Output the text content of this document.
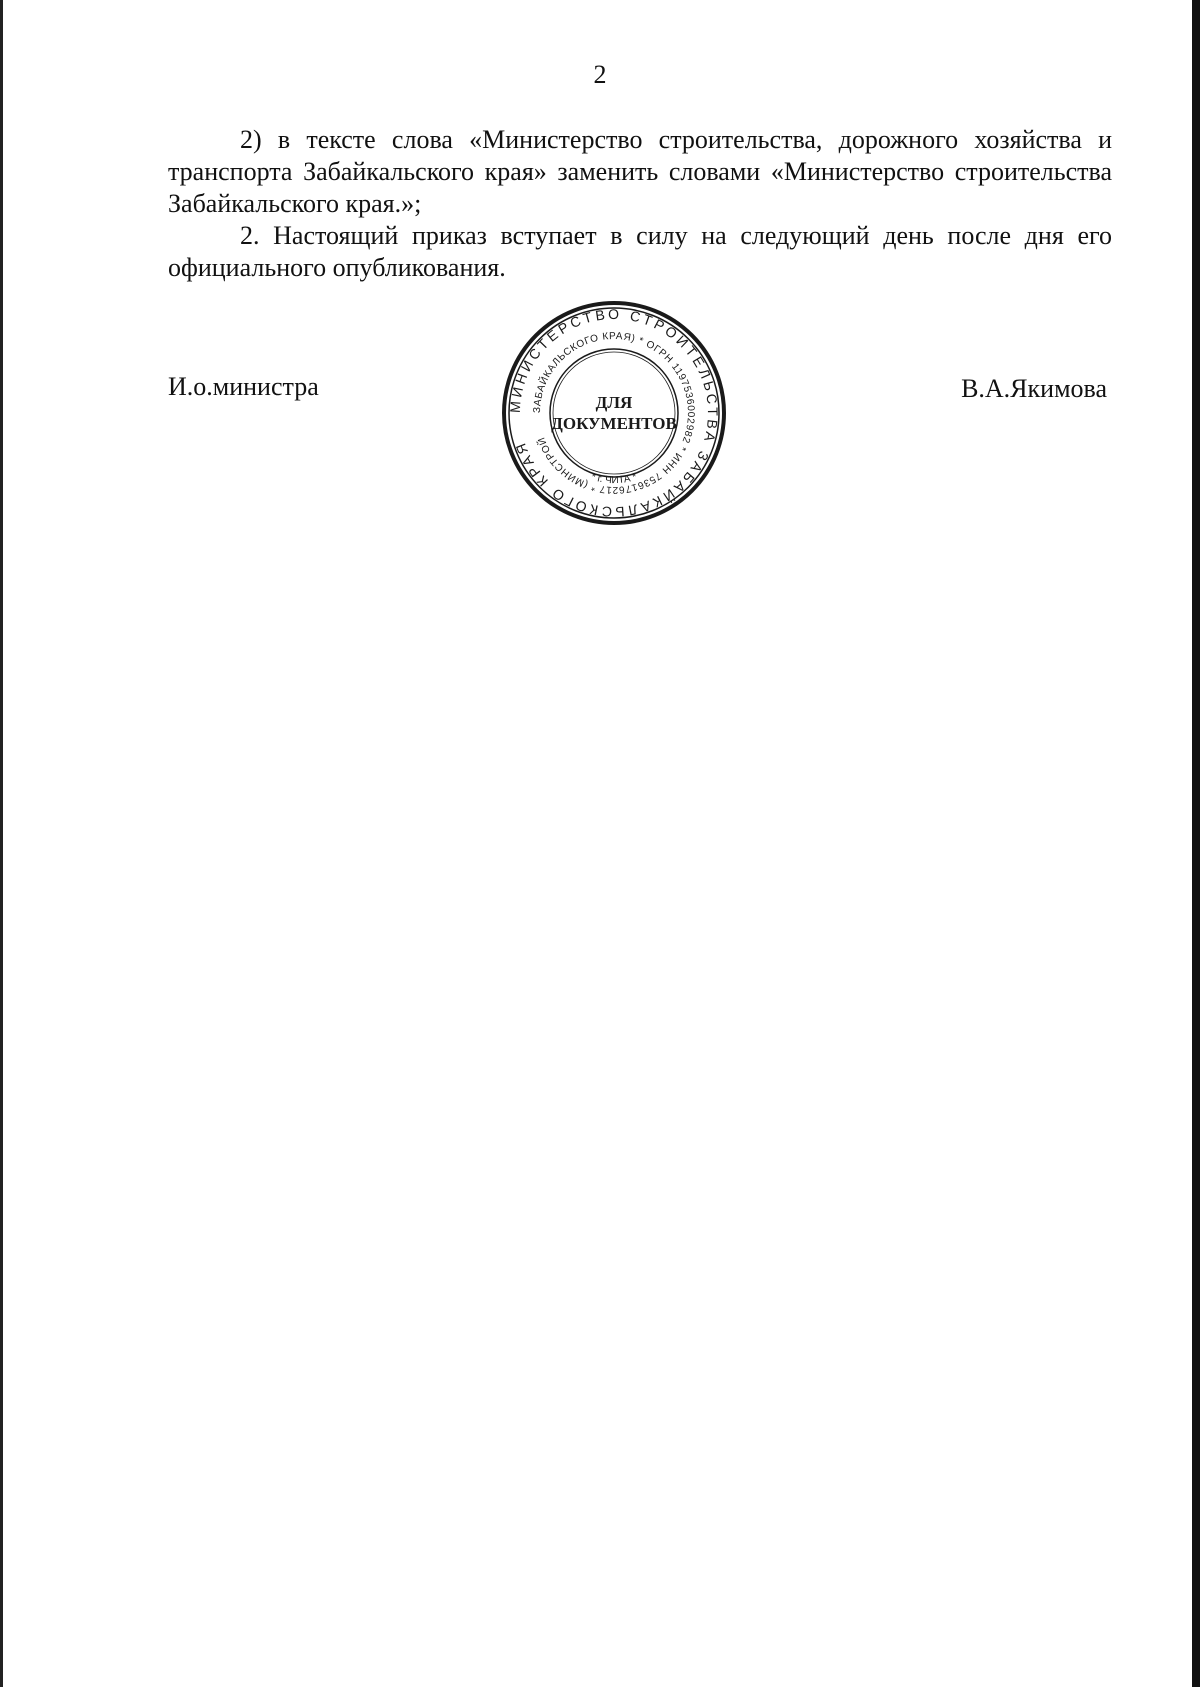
2

2) в тексте слова «Министерство строительства, дорожного хозяйства и транспорта Забайкальского края» заменить словами «Министерство строительства Забайкальского края.»;

2. Настоящий приказ вступает в силу на следующий день после дня его официального опубликования.

И.о.министра
МИНИСТЕРСТВО СТРОИТЕЛЬСТВА ЗАБАЙКАЛЬСКОГО КРАЯ
ЗАБАЙКАЛЬСКОГО КРАЯ) * ОГРН 1197536002982 * ИНН 7536176217 * (МИНСТРОЙ
* г. ЧИТА *
ДЛЯ
ДОКУМЕНТОВ
В.А.Якимова
